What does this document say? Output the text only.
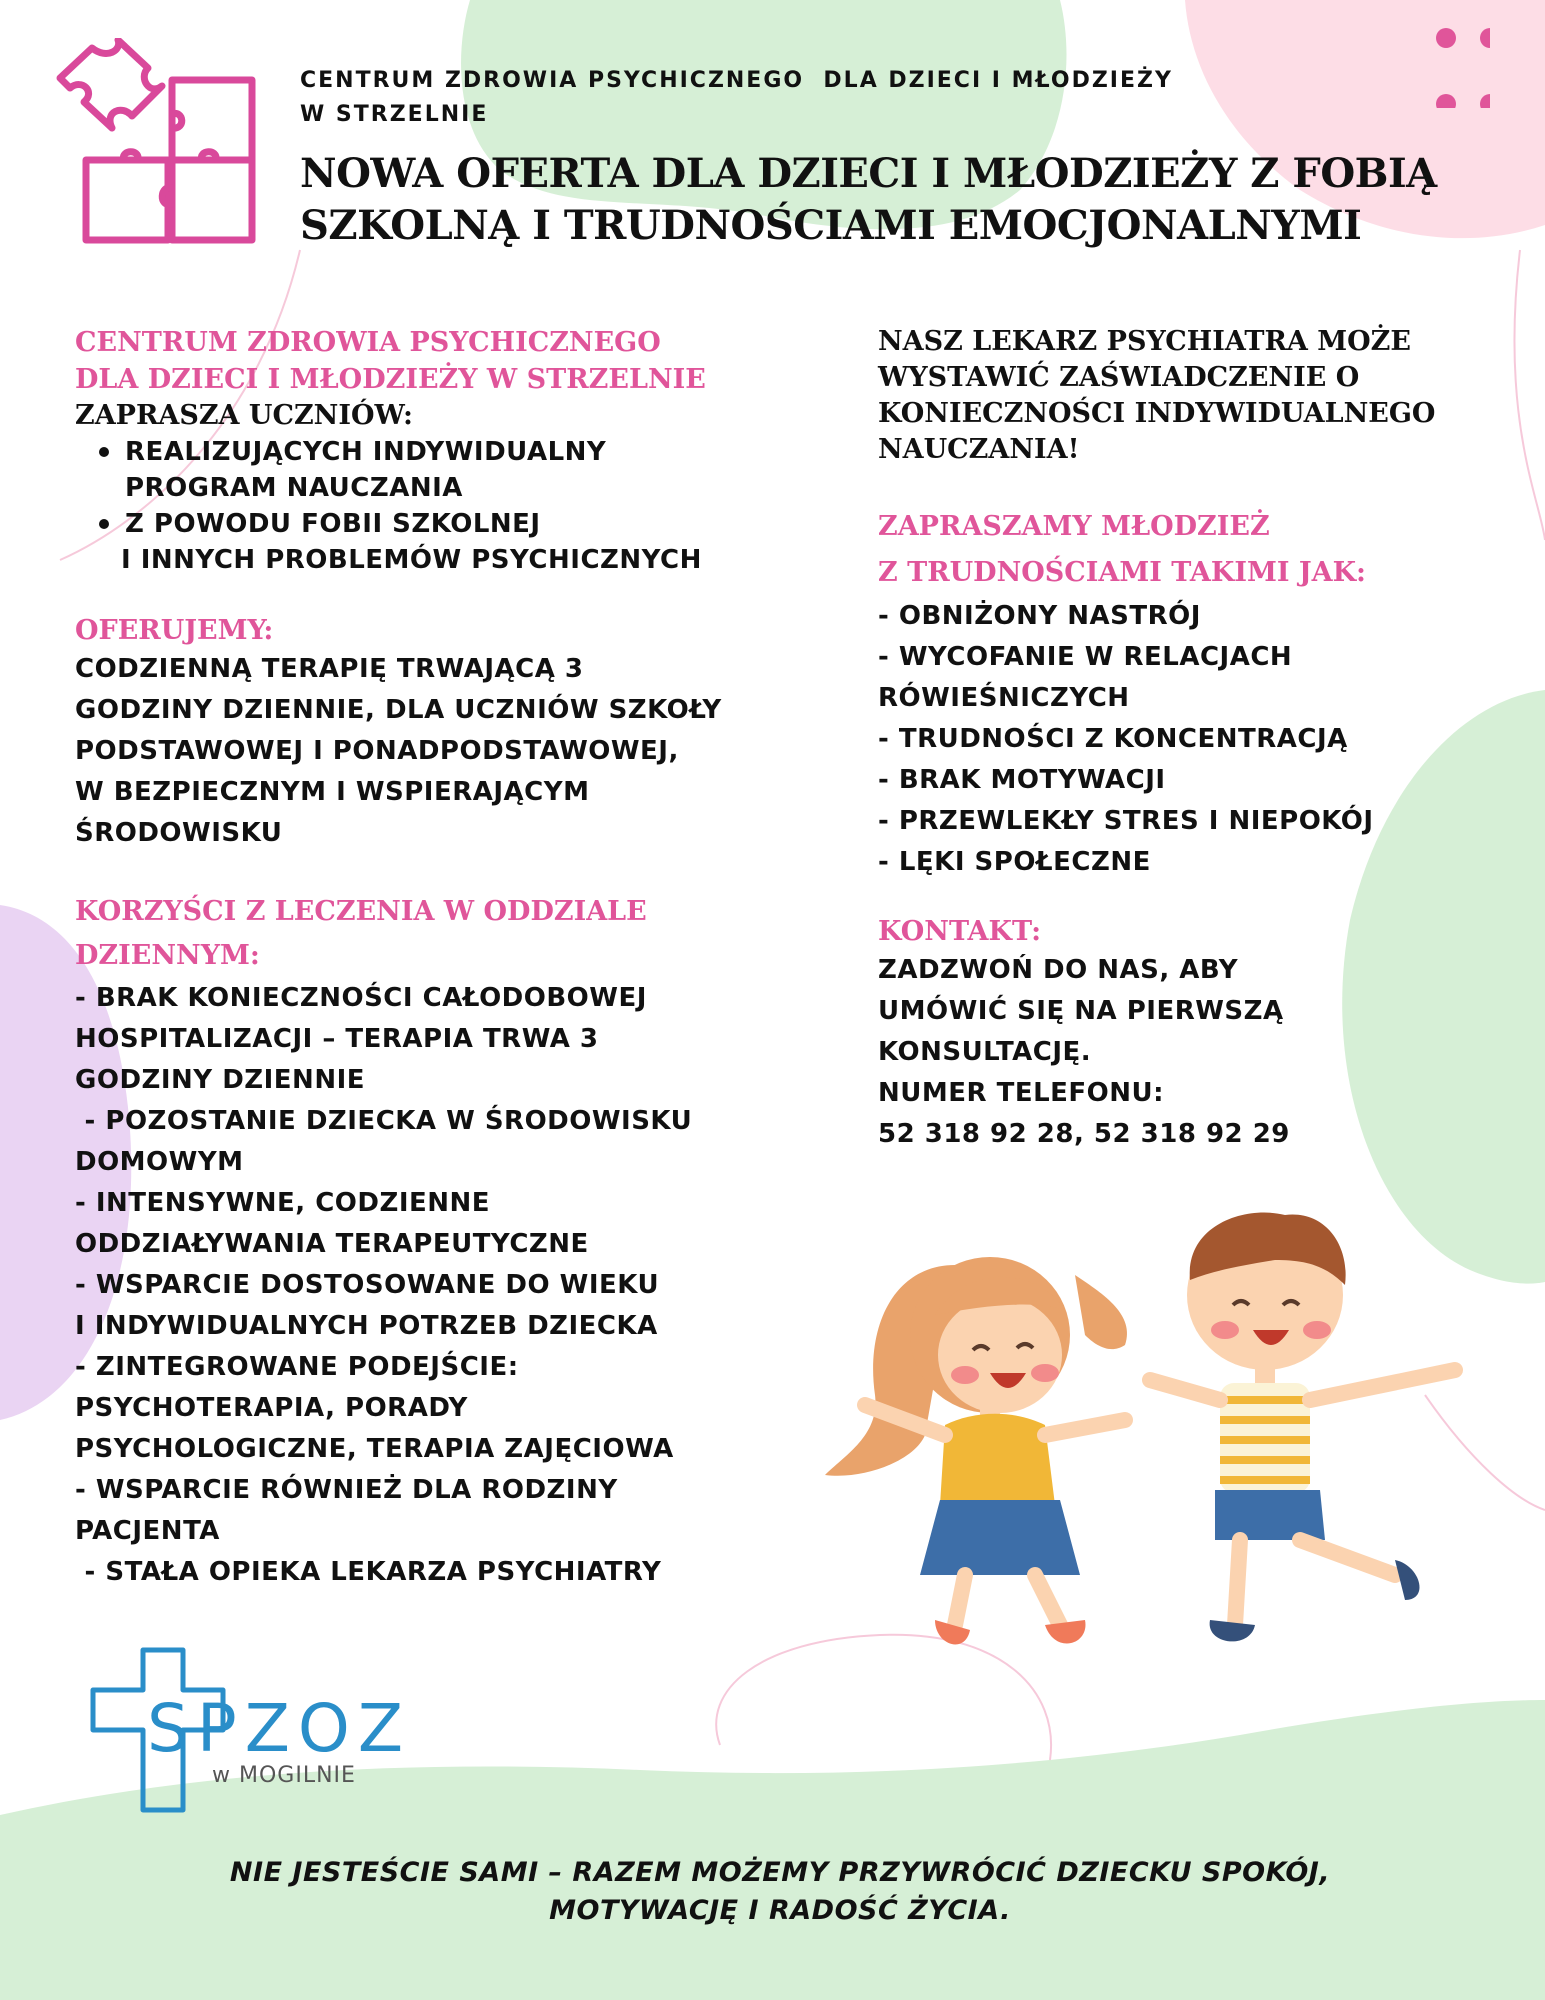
CENTRUM ZDROWIA PSYCHICZNEGO  DLA DZIECI I MŁODZIEŻY
W STRZELNIE
NOWA OFERTA DLA DZIECI I MŁODZIEŻY Z FOBIĄ
SZKOLNĄ I TRUDNOŚCIAMI EMOCJONALNYMI
CENTRUM ZDROWIA PSYCHICZNEGO
DLA DZIECI I MŁODZIEŻY W STRZELNIE
ZAPRASZA UCZNIÓW:
REALIZUJĄCYCH INDYWIDUALNY
PROGRAM NAUCZANIA
Z POWODU FOBII SZKOLNEJ
I INNYCH PROBLEMÓW PSYCHICZNYCH
OFERUJEMY:
CODZIENNĄ TERAPIĘ TRWAJĄCĄ 3
GODZINY DZIENNIE, DLA UCZNIÓW SZKOŁY
PODSTAWOWEJ I PONADPODSTAWOWEJ,
W BEZPIECZNYM I WSPIERAJĄCYM
ŚRODOWISKU
KORZYŚCI Z LECZENIA W ODDZIALE
DZIENNYM:
- BRAK KONIECZNOŚCI CAŁODOBOWEJ
HOSPITALIZACJI – TERAPIA TRWA 3
GODZINY DZIENNIE
- POZOSTANIE DZIECKA W ŚRODOWISKU
DOMOWYM
- INTENSYWNE, CODZIENNE
ODDZIAŁYWANIA TERAPEUTYCZNE
- WSPARCIE DOSTOSOWANE DO WIEKU
I INDYWIDUALNYCH POTRZEB DZIECKA
- ZINTEGROWANE PODEJŚCIE:
PSYCHOTERAPIA, PORADY
PSYCHOLOGICZNE, TERAPIA ZAJĘCIOWA
- WSPARCIE RÓWNIEŻ DLA RODZINY
PACJENTA
- STAŁA OPIEKA LEKARZA PSYCHIATRY
NASZ LEKARZ PSYCHIATRA MOŻE
WYSTAWIĆ ZAŚWIADCZENIE O
KONIECZNOŚCI INDYWIDUALNEGO
NAUCZANIA!
ZAPRASZAMY MŁODZIEŻ
Z TRUDNOŚCIAMI TAKIMI JAK:
- OBNIŻONY NASTRÓJ
- WYCOFANIE W RELACJACH
RÓWIEŚNICZYCH
- TRUDNOŚCI Z KONCENTRACJĄ
- BRAK MOTYWACJI
- PRZEWLEKŁY STRES I NIEPOKÓJ
- LĘKI SPOŁECZNE
KONTAKT:
ZADZWOŃ DO NAS, ABY
UMÓWIĆ SIĘ NA PIERWSZĄ
KONSULTACJĘ.
NUMER TELEFONU:
52 318 92 28, 52 318 92 29
SPZOZ
w MOGILNIE
NIE JESTEŚCIE SAMI – RAZEM MOŻEMY PRZYWRÓCIĆ DZIECKU SPOKÓJ,
MOTYWACJĘ I RADOŚĆ ŻYCIA.
